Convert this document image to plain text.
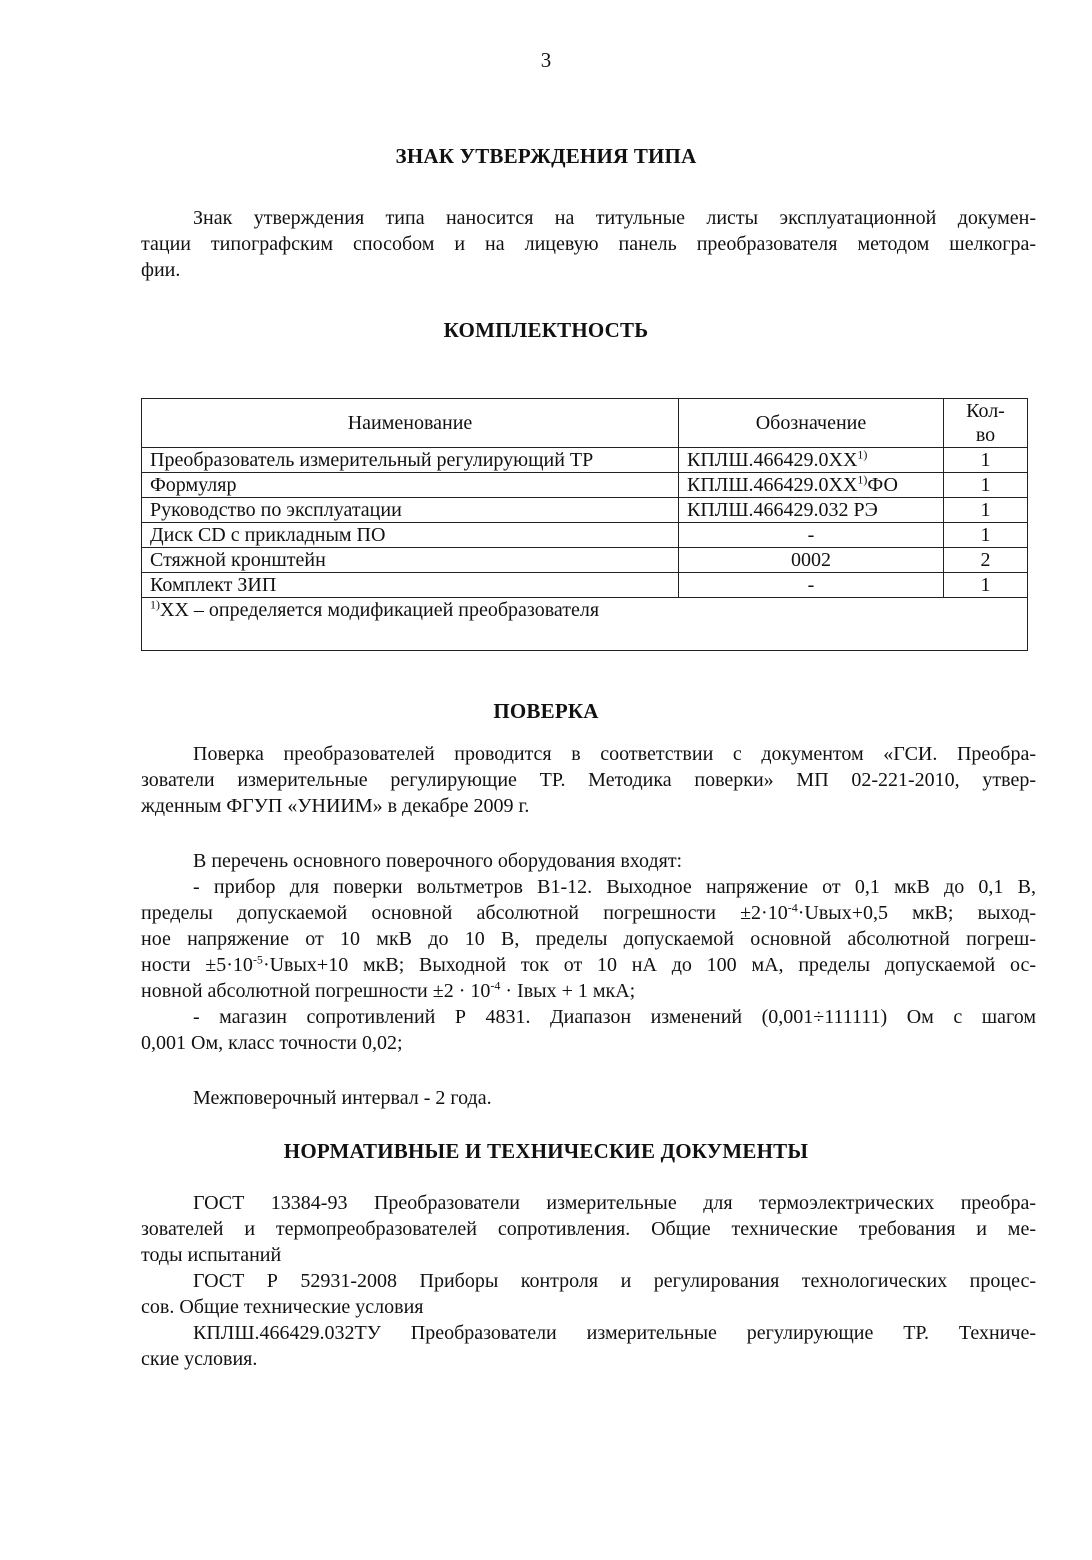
3
ЗНАК УТВЕРЖДЕНИЯ ТИПА
Знак утверждения типа наносится на титульные листы эксплуатационной докумен-
тации типографским способом и на лицевую панель преобразователя методом шелкогра-
фии.
КОМПЛЕКТНОСТЬ
Наименование	Обозначение	Кол-
во
Преобразователь измерительный регулирующий ТР	КПЛШ.466429.0XX$^{1)}$	1
Формуляр	КПЛШ.466429.0XX$^{1)}$ФО	1
Руководство по эксплуатации	КПЛШ.466429.032 РЭ	1
Диск CD с прикладным ПО	-	1
Стяжной кронштейн	0002	2
Комплект ЗИП	-	1
$^{1)}$ХХ – определяется модификацией преобразователя		
ПОВЕРКА
Поверка преобразователей проводится в соответствии с документом «ГСИ. Преобра-
зователи измерительные регулирующие ТР. Методика поверки» МП 02-221-2010, утвер-
жденным ФГУП «УНИИМ» в декабре 2009 г.
В перечень основного поверочного оборудования входят:
- прибор для поверки вольтметров В1-12. Выходное напряжение от 0,1 мкВ до 0,1 В,
пределы допускаемой основной абсолютной погрешности $\pm 2\cdot 10^{-4}\cdot Uвых+0,5$ мкВ; выход-
ное напряжение от 10 мкВ до 10 В, пределы допускаемой основной абсолютной погреш-
ности $\pm 5\cdot 10^{-5}\cdot Uвых+10$ мкВ; Выходной ток от 10 нА до 100 мА, пределы допускаемой ос-
новной абсолютной погрешности $\pm 2 \cdot 10^{-4}$ · Iвых + 1 мкА;
- магазин сопротивлений Р 4831. Диапазон изменений (0,001÷111111) Ом с шагом
0,001 Ом, класс точности 0,02;
Межповерочный интервал - 2 года.
НОРМАТИВНЫЕ И ТЕХНИЧЕСКИЕ ДОКУМЕНТЫ
ГОСТ 13384-93 Преобразователи измерительные для термоэлектрических преобра-
зователей и термопреобразователей сопротивления. Общие технические требования и ме-
тоды испытаний
ГОСТ Р 52931-2008 Приборы контроля и регулирования технологических процес-
сов. Общие технические условия
КПЛШ.466429.032ТУ Преобразователи измерительные регулирующие ТР. Техниче-
ские условия.
